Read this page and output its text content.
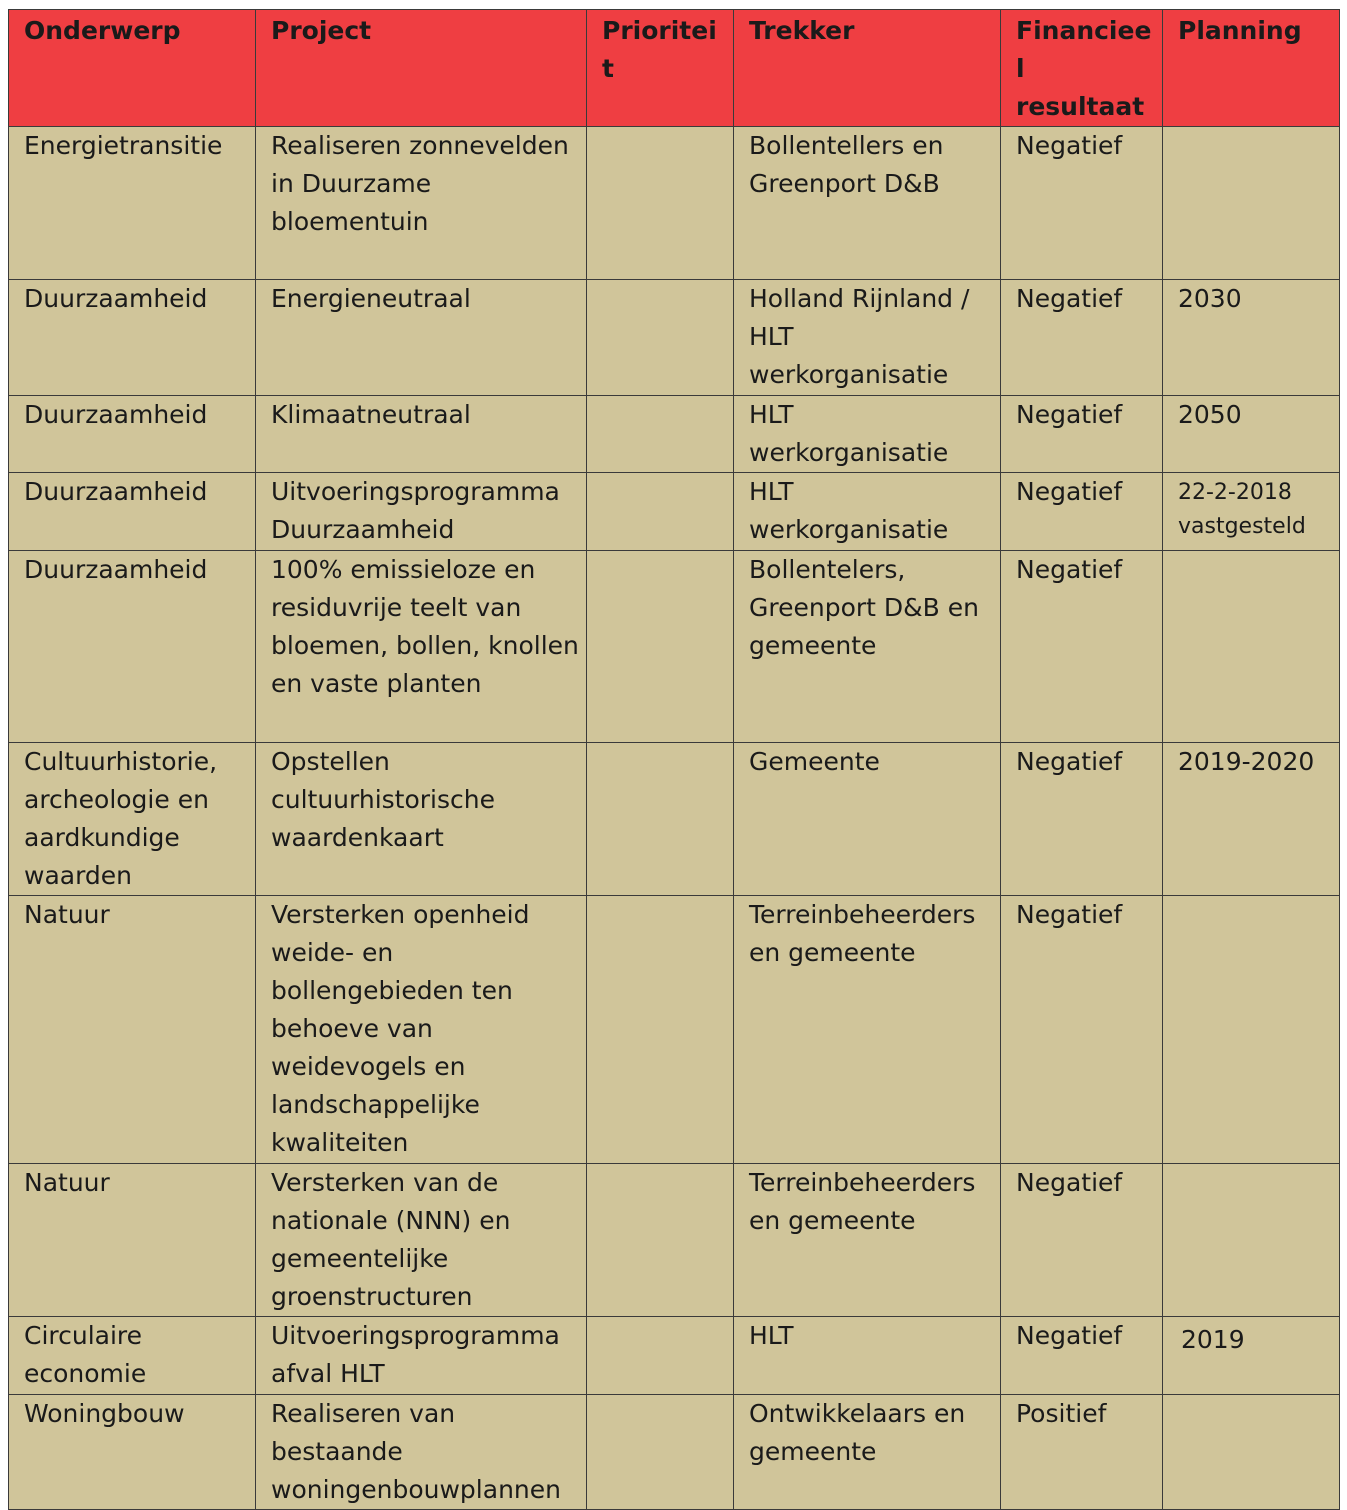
Onderwerp	Project	Prioriteit	Trekker	Financieel resultaat	Planning
Energietransitie	Realiseren zonnevelden in Duurzame bloementuin		Bollentellers en Greenport D&B	Negatief	
Duurzaamheid	Energieneutraal		Holland Rijnland / HLT werkorganisatie	Negatief	2030
Duurzaamheid	Klimaatneutraal		HLT werkorganisatie	Negatief	2050
Duurzaamheid	Uitvoeringsprogramma Duurzaamheid		HLT werkorganisatie	Negatief	22-2-2018 vastgesteld
Duurzaamheid	100% emissieloze en residuvrije teelt van bloemen, bollen, knollen en vaste planten		Bollentelers, Greenport D&B en gemeente	Negatief	
Cultuurhistorie, archeologie en aardkundige waarden	Opstellen cultuurhistorische waardenkaart		Gemeente	Negatief	2019-2020
Natuur	Versterken openheid weide- en bollengebieden ten behoeve van weidevogels en landschappelijke kwaliteiten		Terreinbeheerders en gemeente	Negatief	
Natuur	Versterken van de nationale (NNN) en gemeentelijke groenstructuren		Terreinbeheerders en gemeente	Negatief	
Circulaire economie	Uitvoeringsprogramma afval HLT		HLT	Negatief	2019
Woningbouw	Realiseren van bestaande woningenbouwplannen		Ontwikkelaars en gemeente	Positief	
